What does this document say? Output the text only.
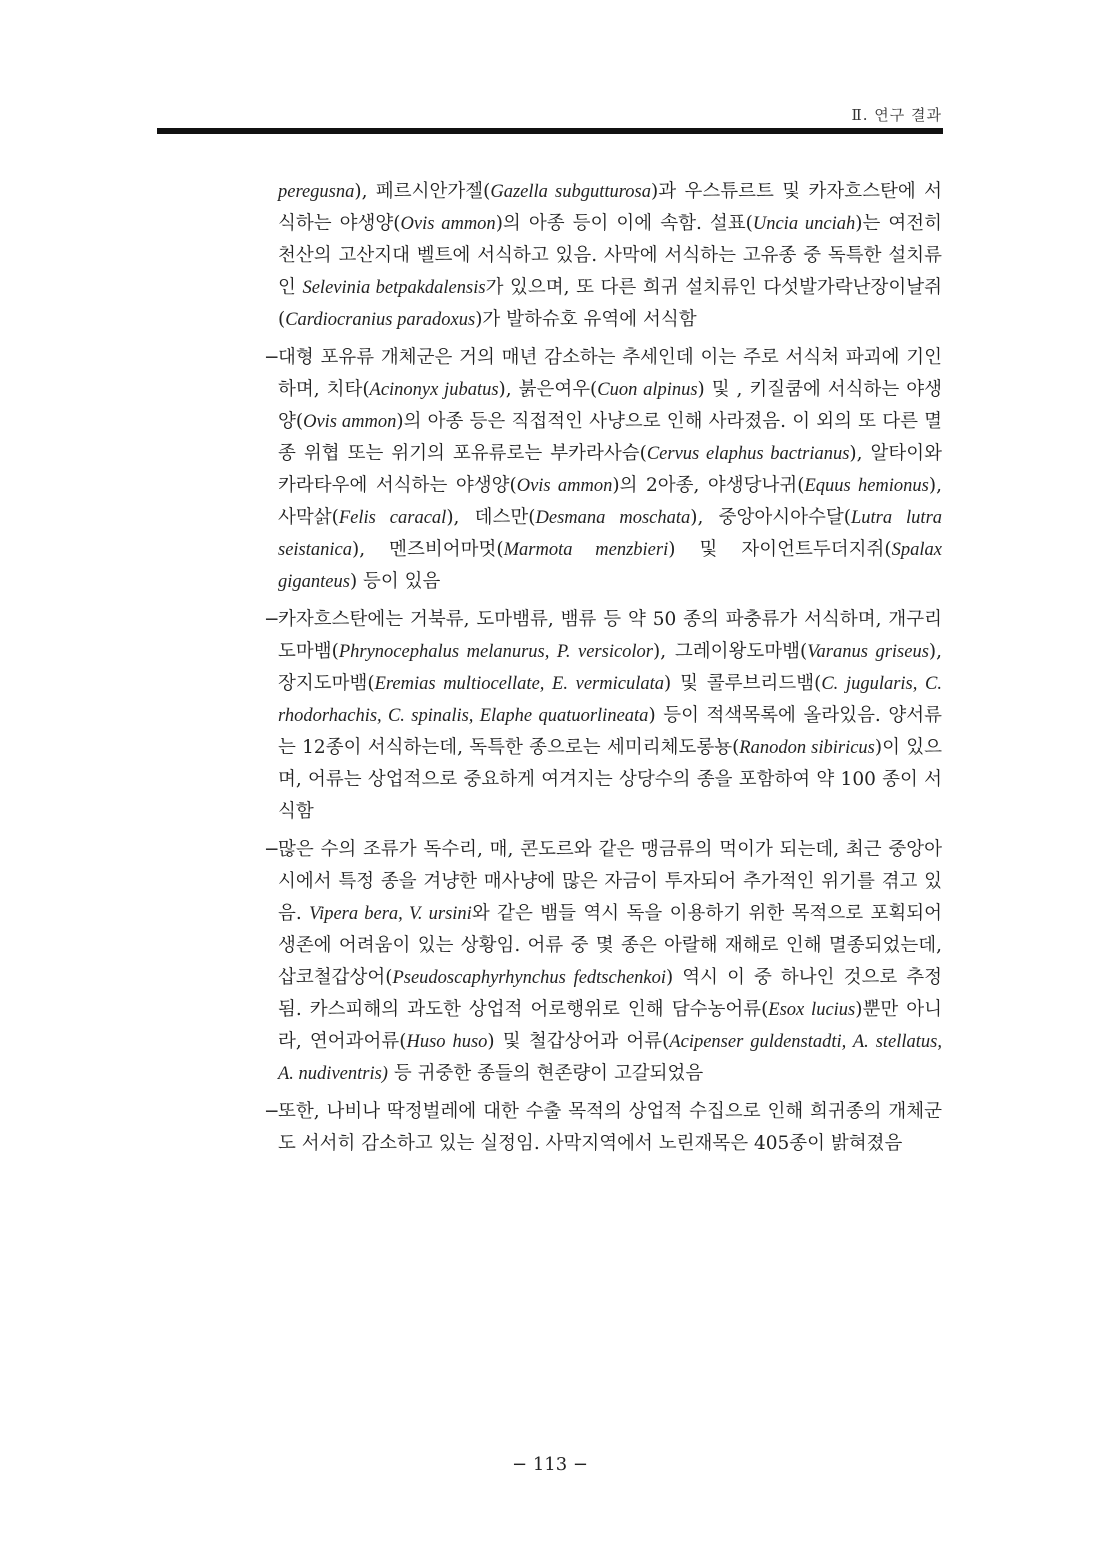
Ⅱ. 연구 결과

peregusna), 페르시안가젤(Gazella subgutturosa)과 우스튜르트 및 카자흐스탄에 서식하는 야생양(Ovis ammon)의 아종 등이 이에 속함. 설표(Uncia unciah)는 여전히 천산의 고산지대 벨트에 서식하고 있음. 사막에 서식하는 고유종 중 독특한 설치류인 Selevinia betpakdalensis가 있으며, 또 다른 희귀 설치류인 다섯발가락난장이날쥐(Cardiocranius paradoxus)가 발하슈호 유역에 서식함

−
대형 포유류 개체군은 거의 매년 감소하는 추세인데 이는 주로 서식처 파괴에 기인하며, 치타(Acinonyx jubatus), 붉은여우(Cuon alpinus) 및 , 키질쿰에 서식하는 야생양(Ovis ammon)의 아종 등은 직접적인 사냥으로 인해 사라졌음. 이 외의 또 다른 멸종 위협 또는 위기의 포유류로는 부카라사슴(Cervus elaphus bactrianus), 알타이와 카라타우에 서식하는 야생양(Ovis ammon)의 2아종, 야생당나귀(Equus hemionus), 사막삵(Felis caracal), 데스만(Desmana moschata), 중앙아시아수달(Lutra lutra seistanica), 멘즈비어마멋(Marmota menzbieri) 및 자이언트두더지쥐(Spalax giganteus) 등이 있음

−
카자흐스탄에는 거북류, 도마뱀류, 뱀류 등 약 50 종의 파충류가 서식하며, 개구리도마뱀(Phrynocephalus melanurus, P. versicolor), 그레이왕도마뱀(Varanus griseus), 장지도마뱀(Eremias multiocellate, E. vermiculata) 및 콜루브리드뱀(C. jugularis, C. rhodorhachis, C. spinalis, Elaphe quatuorlineata) 등이 적색목록에 올라있음. 양서류는 12종이 서식하는데, 독특한 종으로는 세미리체도롱뇽(Ranodon sibiricus)이 있으며, 어류는 상업적으로 중요하게 여겨지는 상당수의 종을 포함하여 약 100 종이 서식함

−
많은 수의 조류가 독수리, 매, 콘도르와 같은 맹금류의 먹이가 되는데, 최근 중앙아시에서 특정 종을 겨냥한 매사냥에 많은 자금이 투자되어 추가적인 위기를 겪고 있음. Vipera bera, V. ursini와 같은 뱀들 역시 독을 이용하기 위한 목적으로 포획되어 생존에 어려움이 있는 상황임. 어류 중 몇 종은 아랄해 재해로 인해 멸종되었는데, 삽코철갑상어(Pseudoscaphyrhynchus fedtschenkoi) 역시 이 중 하나인 것으로 추정됨. 카스피해의 과도한 상업적 어로행위로 인해 담수농어류(Esox lucius)뿐만 아니라, 연어과어류(Huso huso) 및 철갑상어과 어류(Acipenser guldenstadti, A. stellatus, A. nudiventris) 등 귀중한 종들의 현존량이 고갈되었음

−
또한, 나비나 딱정벌레에 대한 수출 목적의 상업적 수집으로 인해 희귀종의 개체군도 서서히 감소하고 있는 실정임. 사막지역에서 노린재목은 405종이 밝혀졌음

− 113 −
